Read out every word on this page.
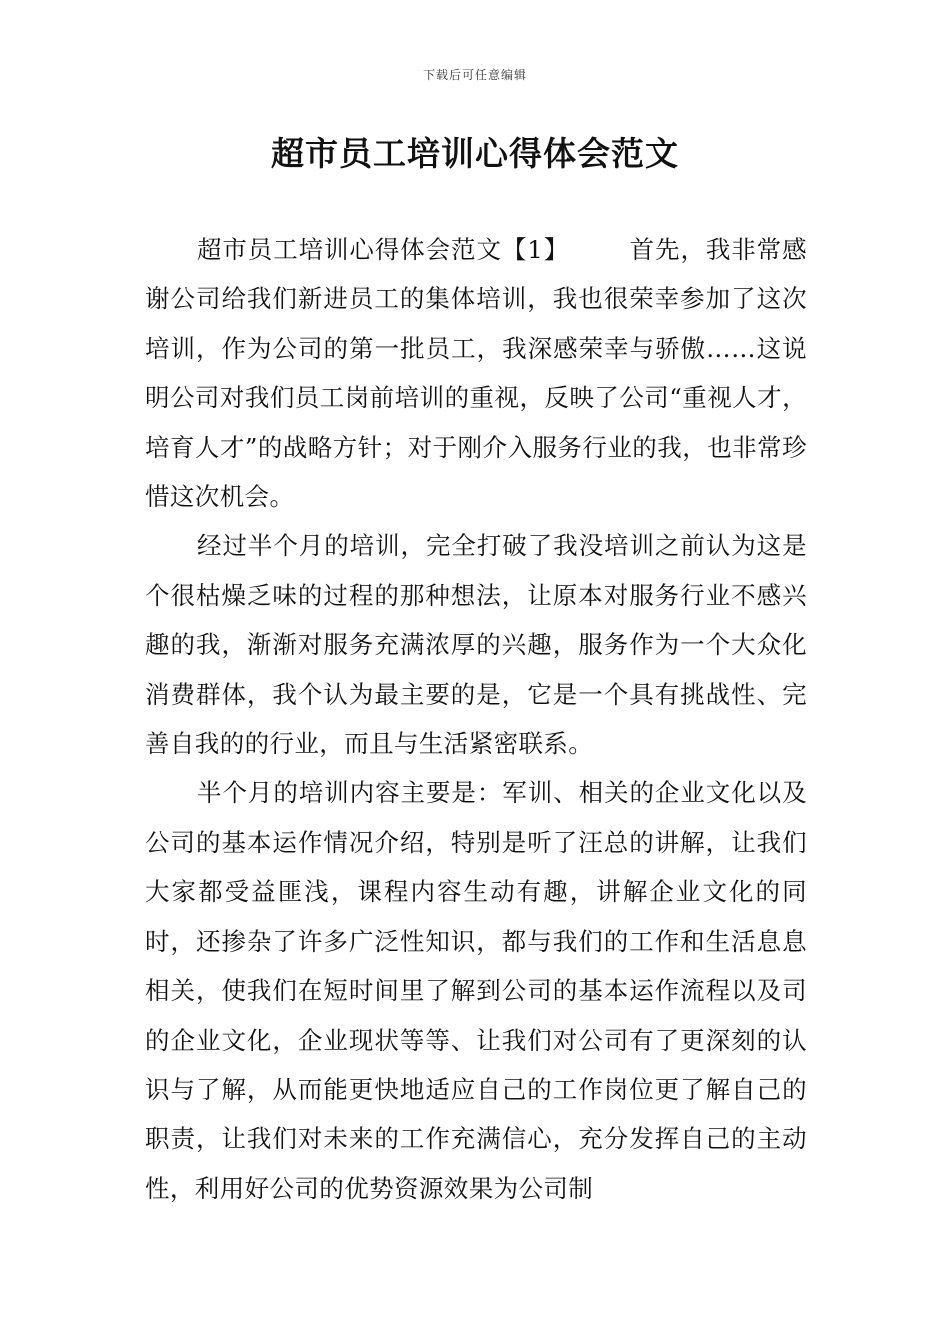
下载后可任意编辑
超市员工培训心得体会范文

超市员工培训心得体会范文【1】 首先，我非常感谢公司给我们新进员工的集体培训，我也很荣幸参加了这次培训，作为公司的第一批员工，我深感荣幸与骄傲……这说明公司对我们员工岗前培训的重视，反映了公司“重视人才，培育人才”的战略方针；对于刚介入服务行业的我，也非常珍惜这次机会。

经过半个月的培训，完全打破了我没培训之前认为这是个很枯燥乏味的过程的那种想法，让原本对服务行业不感兴趣的我，渐渐对服务充满浓厚的兴趣，服务作为一个大众化消费群体，我个认为最主要的是，它是一个具有挑战性、完善自我的的行业，而且与生活紧密联系。

半个月的培训内容主要是：军训、相关的企业文化以及公司的基本运作情况介绍，特别是听了汪总的讲解，让我们大家都受益匪浅，课程内容生动有趣，讲解企业文化的同时，还掺杂了许多广泛性知识，都与我们的工作和生活息息相关，使我们在短时间里了解到公司的基本运作流程以及司的企业文化，企业现状等等、让我们对公司有了更深刻的认识与了解，从而能更快地适应自己的工作岗位更了解自己的职责，让我们对未来的工作充满信心，充分发挥自己的主动性，利用好公司的优势资源效果为公司制
